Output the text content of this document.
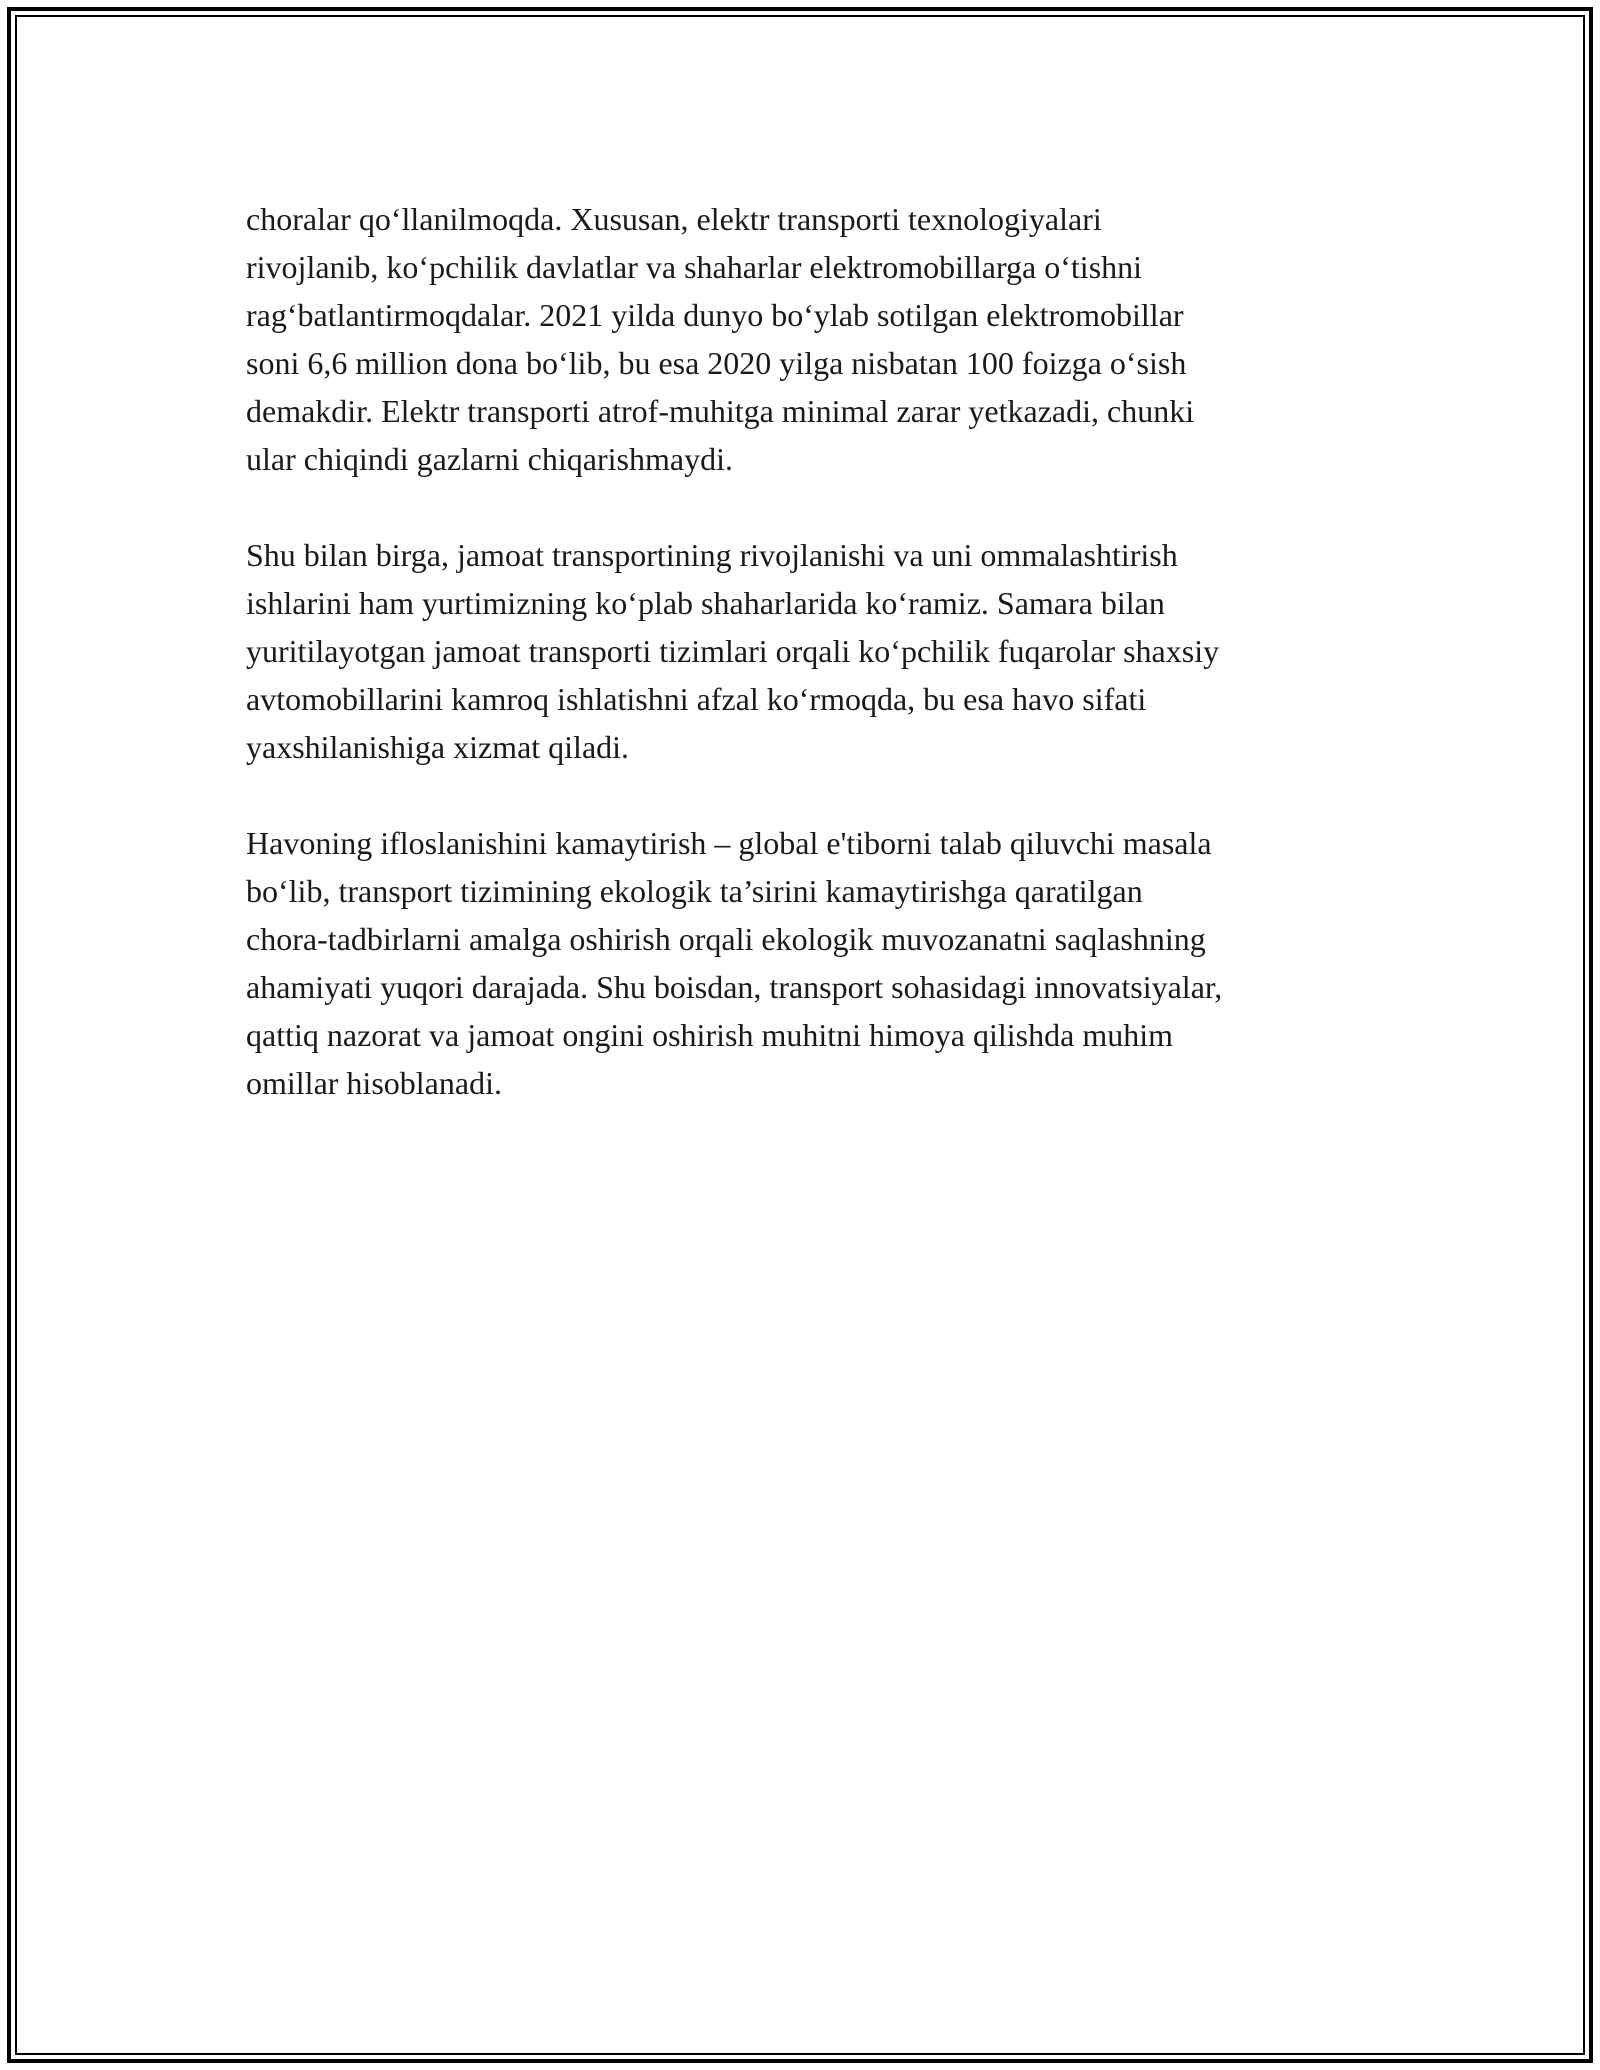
choralar qo‘llanilmoqda. Xususan, elektr transporti texnologiyalari
rivojlanib, ko‘pchilik davlatlar va shaharlar elektromobillarga o‘tishni
rag‘batlantirmoqdalar. 2021 yilda dunyo bo‘ylab sotilgan elektromobillar
soni 6,6 million dona bo‘lib, bu esa 2020 yilga nisbatan 100 foizga o‘sish
demakdir. Elektr transporti atrof-muhitga minimal zarar yetkazadi, chunki
ular chiqindi gazlarni chiqarishmaydi.

Shu bilan birga, jamoat transportining rivojlanishi va uni ommalashtirish
ishlarini ham yurtimizning ko‘plab shaharlarida ko‘ramiz. Samara bilan
yuritilayotgan jamoat transporti tizimlari orqali ko‘pchilik fuqarolar shaxsiy
avtomobillarini kamroq ishlatishni afzal ko‘rmoqda, bu esa havo sifati
yaxshilanishiga xizmat qiladi.

Havoning ifloslanishini kamaytirish – global e'tiborni talab qiluvchi masala
bo‘lib, transport tizimining ekologik ta’sirini kamaytirishga qaratilgan
chora-tadbirlarni amalga oshirish orqali ekologik muvozanatni saqlashning
ahamiyati yuqori darajada. Shu boisdan, transport sohasidagi innovatsiyalar,
qattiq nazorat va jamoat ongini oshirish muhitni himoya qilishda muhim
omillar hisoblanadi.
